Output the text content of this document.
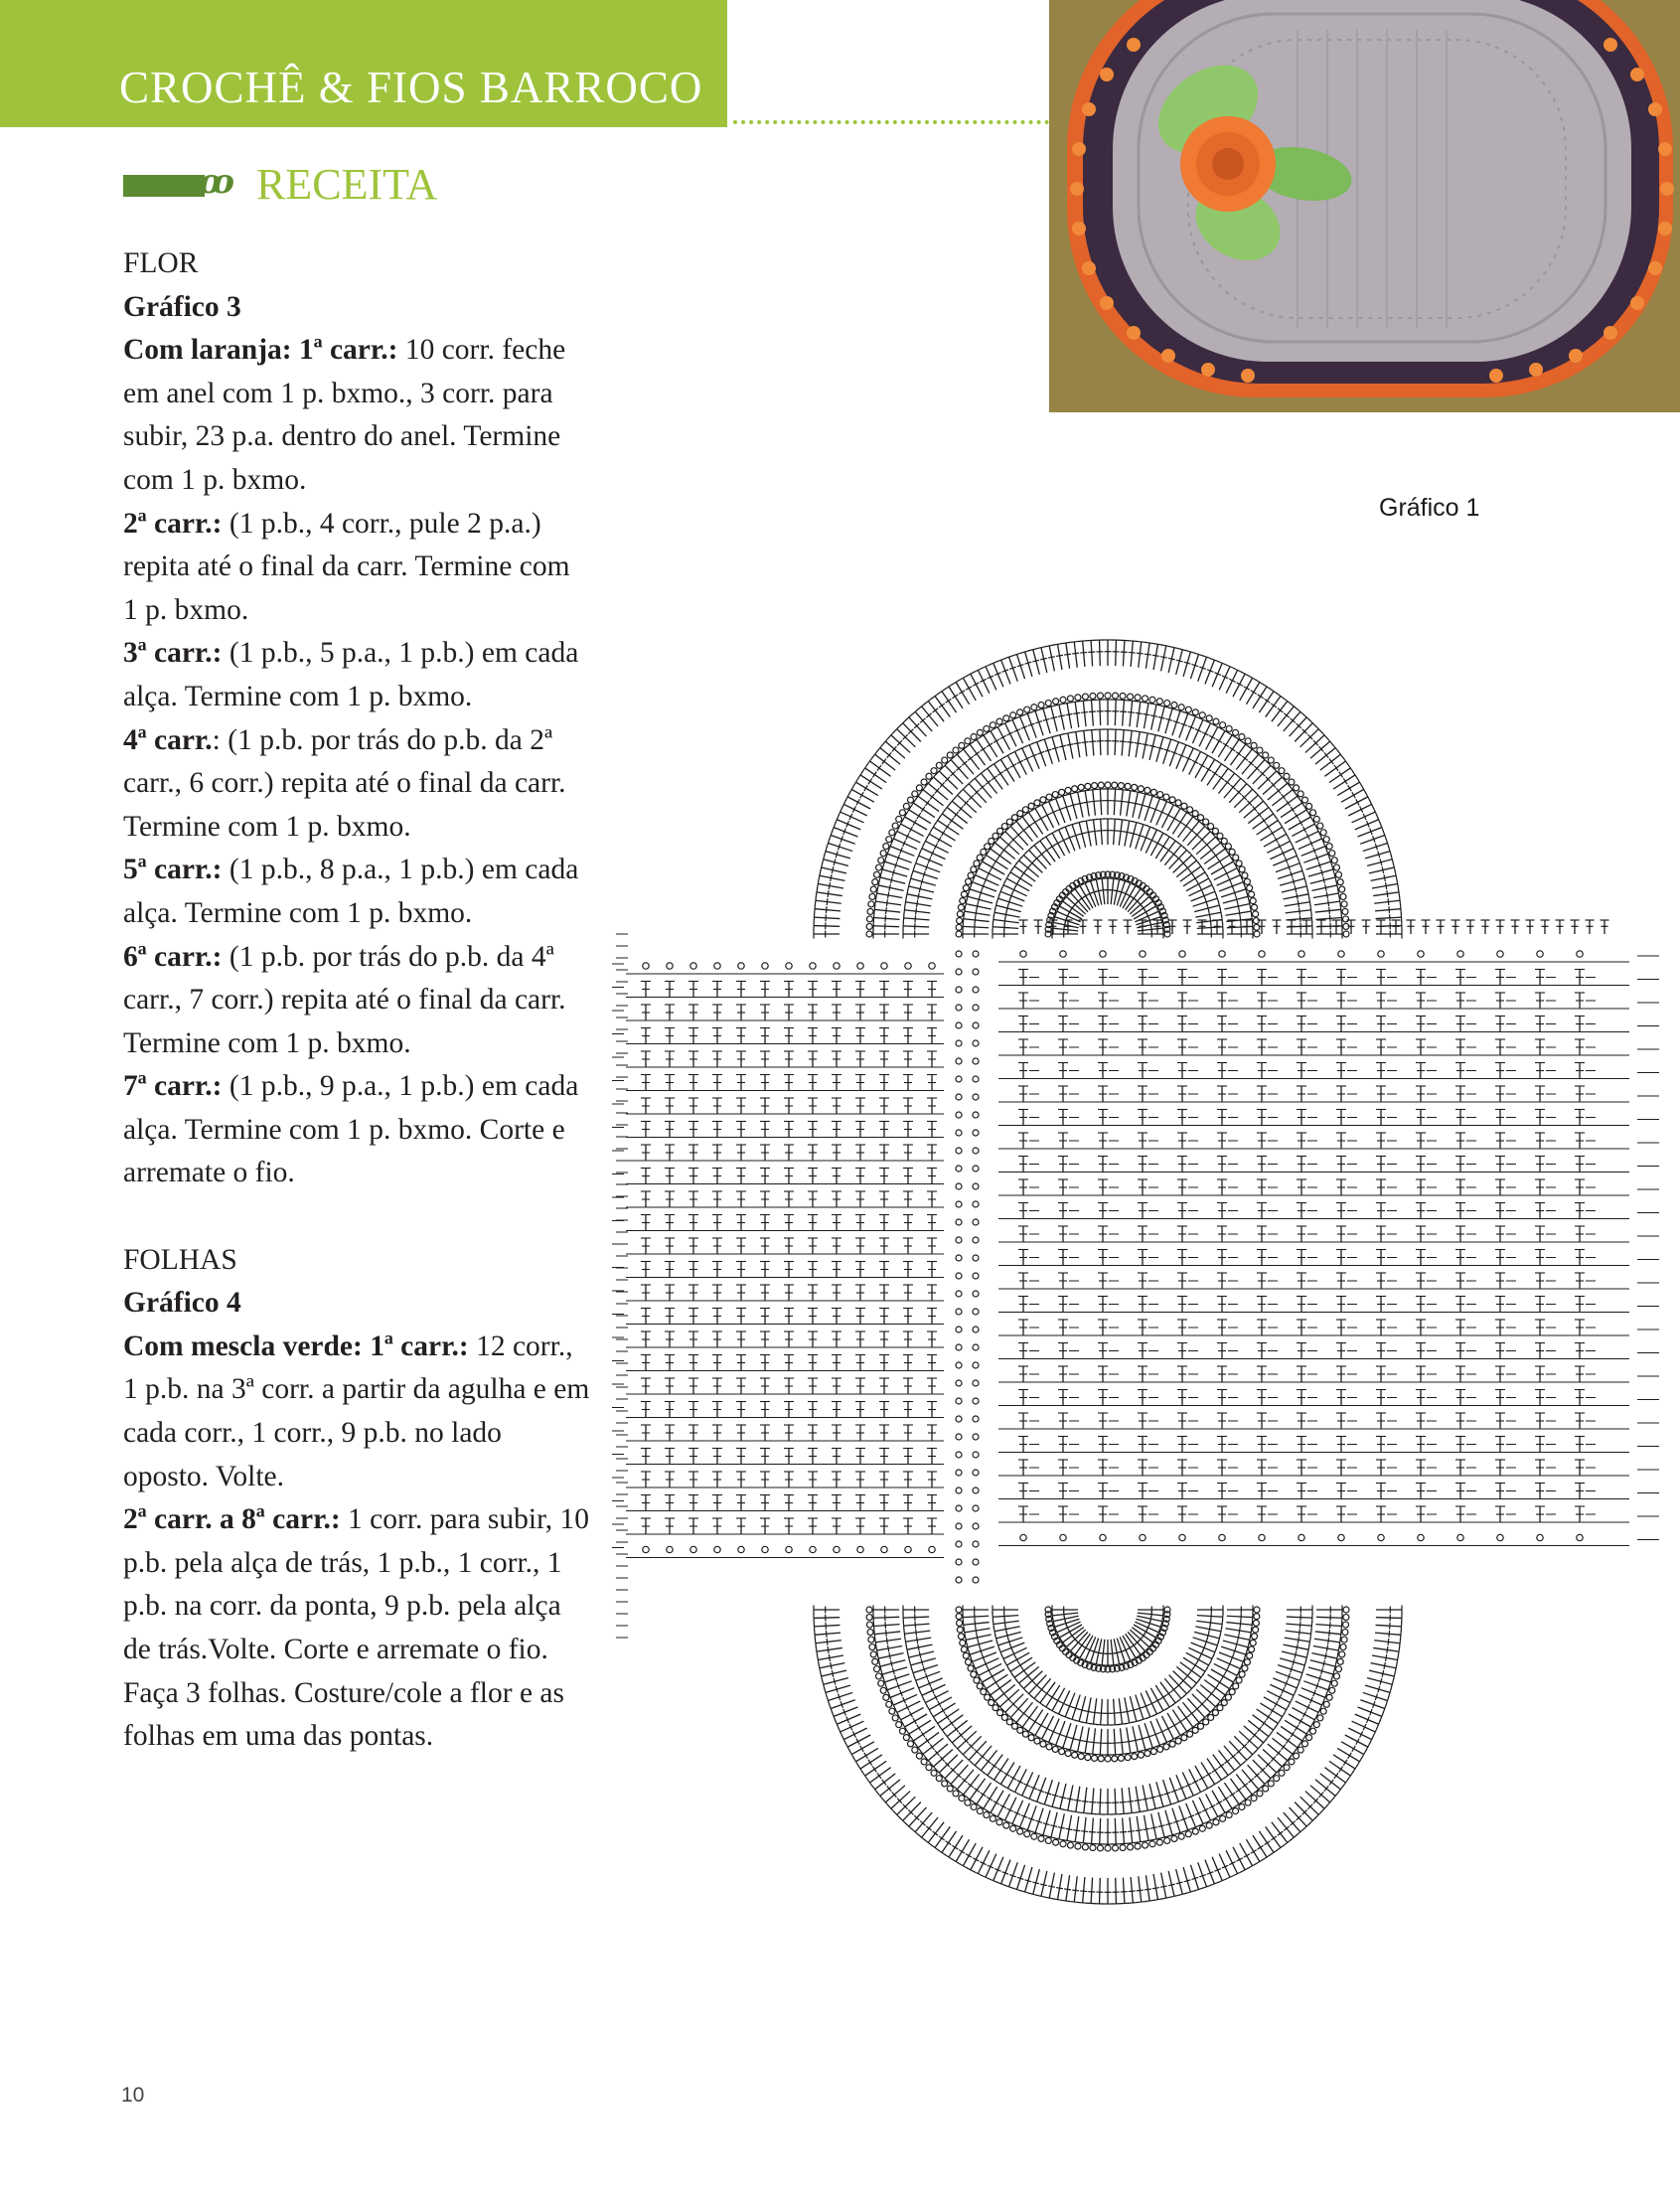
CROCHÊ & FIOS BARROCO
ꝏ RECEITA

FLOR

Gráfico 3

Com laranja: 1ª carr.: 10 corr. feche em anel com 1 p. bxmo., 3 corr. para subir, 23 p.a. dentro do anel. Termine com 1 p. bxmo.

2ª carr.: (1 p.b., 4 corr., pule 2 p.a.) repita até o final da carr. Termine com 1 p. bxmo.

3ª carr.: (1 p.b., 5 p.a., 1 p.b.) em cada alça. Termine com 1 p. bxmo.

4ª carr.: (1 p.b. por trás do p.b. da 2ª carr., 6 corr.) repita até o final da carr. Termine com 1 p. bxmo.

5ª carr.: (1 p.b., 8 p.a., 1 p.b.) em cada alça. Termine com 1 p. bxmo.

6ª carr.: (1 p.b. por trás do p.b. da 4ª carr., 7 corr.) repita até o final da carr. Termine com 1 p. bxmo.

7ª carr.: (1 p.b., 9 p.a., 1 p.b.) em cada alça. Termine com 1 p. bxmo. Corte e arremate o fio.

FOLHAS

Gráfico 4

Com mescla verde: 1ª carr.: 12 corr., 1 p.b. na 3ª corr. a partir da agulha e em cada corr., 1 corr., 9 p.b. no lado oposto. Volte.

2ª carr. a 8ª carr.: 1 corr. para subir, 10 p.b. pela alça de trás, 1 p.b., 1 corr., 1 p.b. na corr. da ponta, 9 p.b. pela alça de trás.Volte. Corte e arremate o fio. Faça 3 folhas. Costure/cole a flor e as folhas em uma das pontas.

Gráfico 1
10
